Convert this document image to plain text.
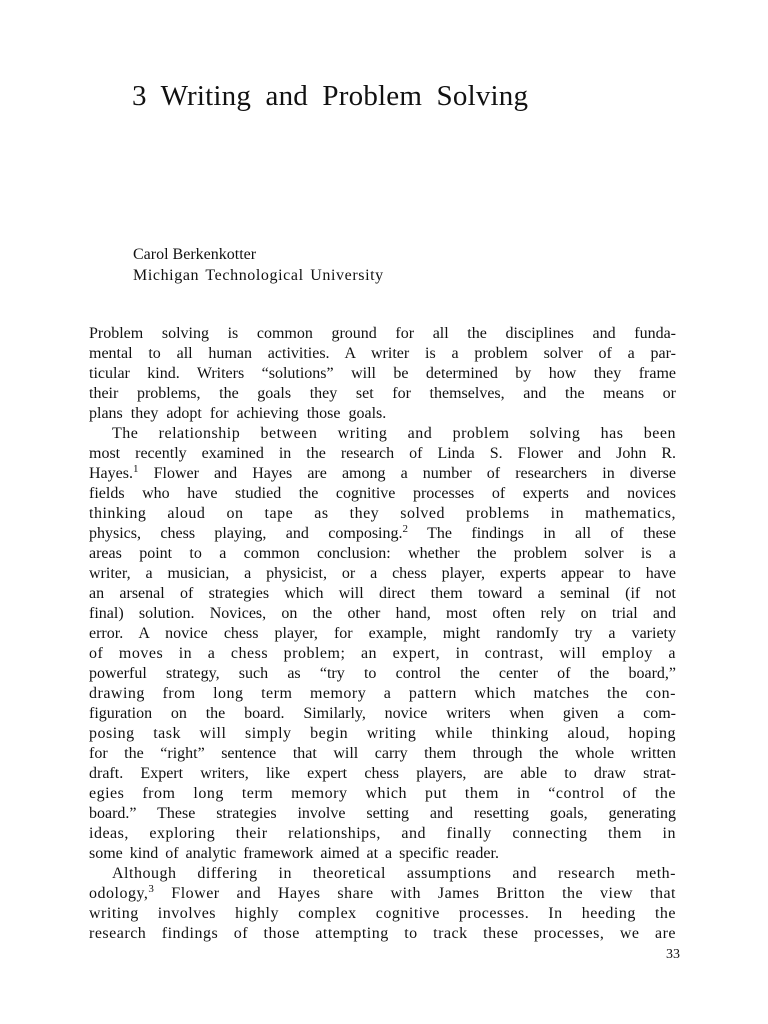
3 Writing and Problem Solving
Carol Berkenkotter
Michigan Technological University
Problem solving is common ground for all the disciplines and funda-
mental to all human activities. A writer is a problem solver of a par-
ticular kind. Writers “solutions” will be determined by how they frame
their problems, the goals they set for themselves, and the means or
plans they adopt for achieving those goals.
The relationship between writing and problem solving has been
most recently examined in the research of Linda S. Flower and John R.
Hayes.$^1$ Flower and Hayes are among a number of researchers in diverse
fields who have studied the cognitive processes of experts and novices
thinking aloud on tape as they solved problems in mathematics,
physics, chess playing, and composing.$^2$ The findings in all of these
areas point to a common conclusion: whether the problem solver is a
writer, a musician, a physicist, or a chess player, experts appear to have
an arsenal of strategies which will direct them toward a seminal (if not
final) solution. Novices, on the other hand, most often rely on trial and
error. A novice chess player, for example, might randomIy try a variety
of moves in a chess problem; an expert, in contrast, will employ a
powerful strategy, such as “try to control the center of the board,”
drawing from long term memory a pattern which matches the con-
figuration on the board. Similarly, novice writers when given a com-
posing task will simply begin writing while thinking aloud, hoping
for the “right” sentence that will carry them through the whole written
draft. Expert writers, like expert chess players, are able to draw strat-
egies from long term memory which put them in “control of the
board.” These strategies involve setting and resetting goals, generating
ideas, exploring their relationships, and finally connecting them in
some kind of analytic framework aimed at a specific reader.
Although differing in theoretical assumptions and research meth-
odology,$^3$ Flower and Hayes share with James Britton the view that
writing involves highly complex cognitive processes. In heeding the
research findings of those attempting to track these processes, we are
33
